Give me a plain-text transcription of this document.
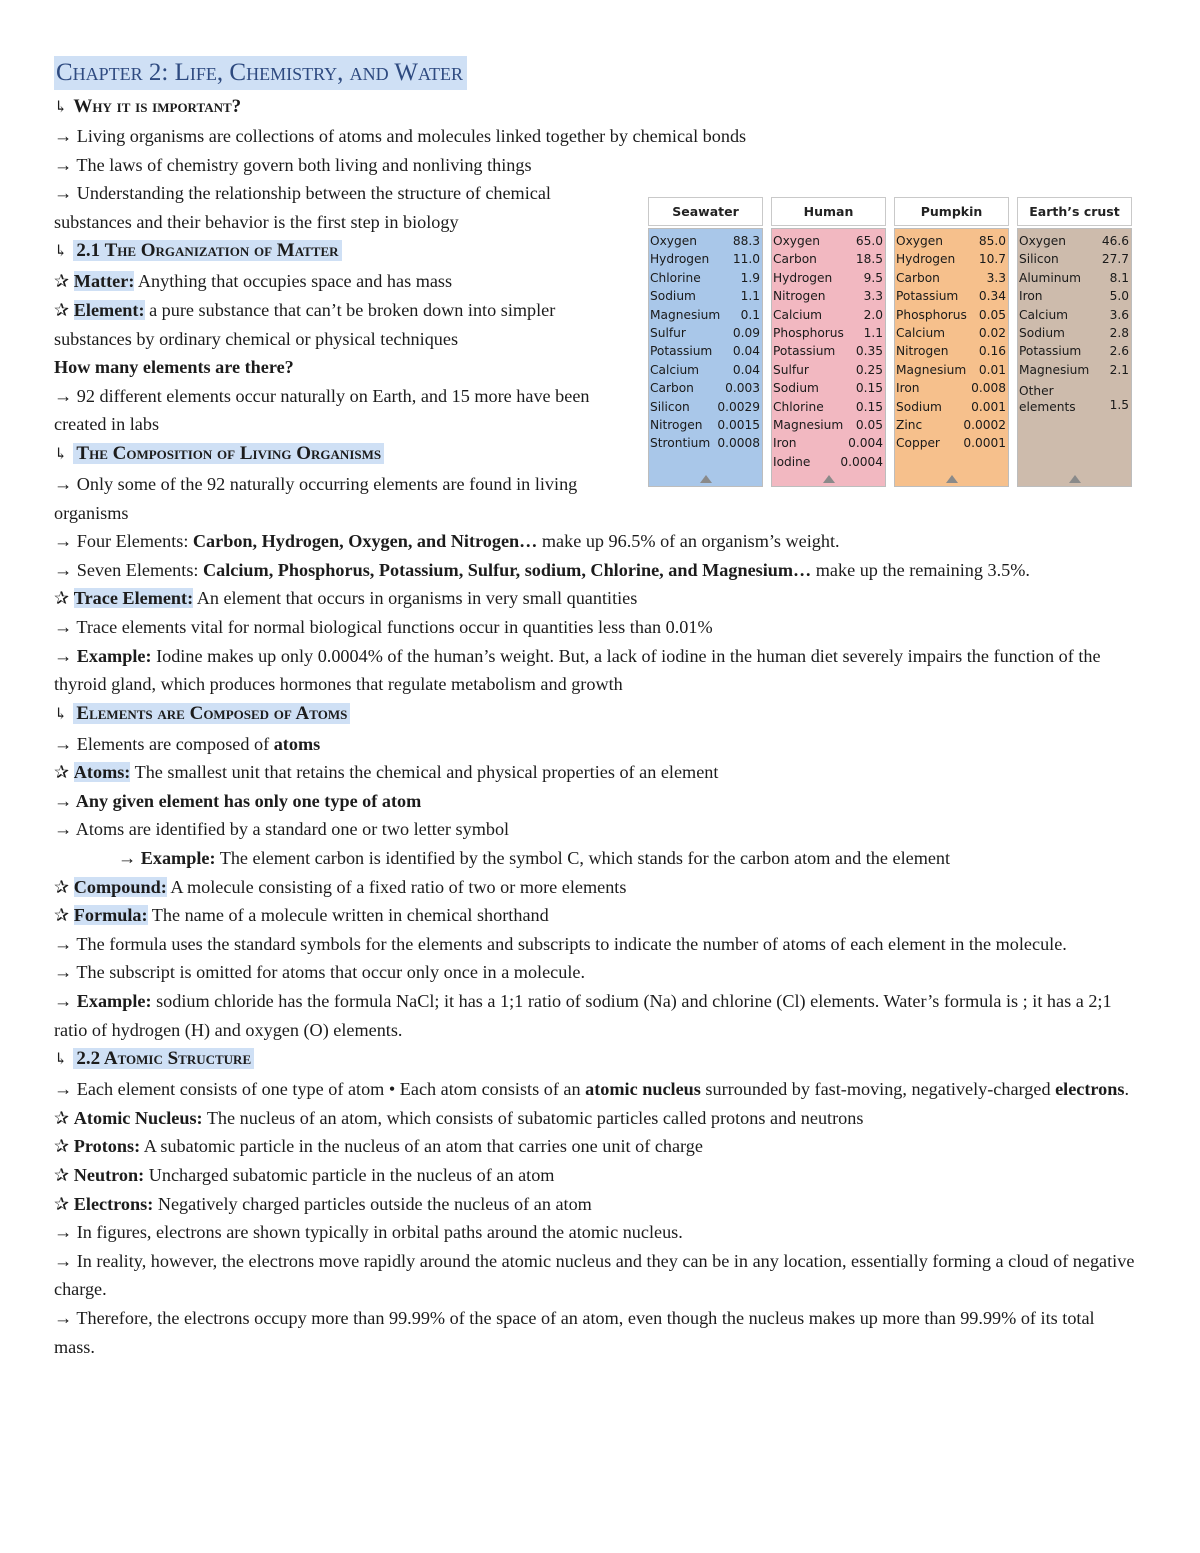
Chapter 2: Life, Chemistry, and Water
↳ Why it is important?
→ Living organisms are collections of atoms and molecules linked together by chemical bonds
→ The laws of chemistry govern both living and nonliving things
→ Understanding the relationship between the structure of chemical substances and their behavior is the first step in biology
↳ 2.1 The Organization of Matter
✰ Matter: Anything that occupies space and has mass
✰ Element: a pure substance that can’t be broken down into simpler substances by ordinary chemical or physical techniques
How many elements are there?
→ 92 different elements occur naturally on Earth, and 15 more have been created in labs
↳ The Composition of Living Organisms
→ Only some of the 92 naturally occurring elements are found in living organisms
→ Four Elements: Carbon, Hydrogen, Oxygen, and Nitrogen… make up 96.5% of an organism’s weight.
→ Seven Elements: Calcium, Phosphorus, Potassium, Sulfur, sodium, Chlorine, and Magnesium… make up the remaining 3.5%.
✰ Trace Element: An element that occurs in organisms in very small quantities
→ Trace elements vital for normal biological functions occur in quantities less than 0.01%
→ Example: Iodine makes up only 0.0004% of the human’s weight. But, a lack of iodine in the human diet severely impairs the function of the thyroid gland, which produces hormones that regulate metabolism and growth
↳ Elements are Composed of Atoms
→ Elements are composed of atoms
✰ Atoms: The smallest unit that retains the chemical and physical properties of an element
→ Any given element has only one type of atom
→ Atoms are identified by a standard one or two letter symbol
→ Example: The element carbon is identified by the symbol C, which stands for the carbon atom and the element
✰ Compound: A molecule consisting of a fixed ratio of two or more elements
✰ Formula: The name of a molecule written in chemical shorthand
→ The formula uses the standard symbols for the elements and subscripts to indicate the number of atoms of each element in the molecule.
→ The subscript is omitted for atoms that occur only once in a molecule.
→ Example: sodium chloride has the formula NaCl; it has a 1;1 ratio of sodium (Na) and chlorine (Cl) elements. Water’s formula is ; it has a 2;1 ratio of hydrogen (H) and oxygen (O) elements.
↳ 2.2 Atomic Structure
→ Each element consists of one type of atom • Each atom consists of an atomic nucleus surrounded by fast-moving, negatively-charged electrons.
✰ Atomic Nucleus: The nucleus of an atom, which consists of subatomic particles called protons and neutrons
✰ Protons: A subatomic particle in the nucleus of an atom that carries one unit of charge
✰ Neutron: Uncharged subatomic particle in the nucleus of an atom
✰ Electrons: Negatively charged particles outside the nucleus of an atom
→ In figures, electrons are shown typically in orbital paths around the atomic nucleus.
→ In reality, however, the electrons move rapidly around the atomic nucleus and they can be in any location, essentially forming a cloud of negative charge.
→ Therefore, the electrons occupy more than 99.99% of the space of an atom, even though the nucleus makes up more than 99.99% of its total mass.
Seawater
Oxygen	88.3
Hydrogen 11.0
Chlorine	1.9
Sodium	1.1
Magnesium 0.1
Sulfur	0.09
Potassium 0.04
Calcium	0.04
Carbon	0.003
Silicon 0.0029
Nitrogen 0.0015
Strontium 0.0008
Human
Oxygen	65.0
Carbon	18.5
Hydrogen	9.5
Nitrogen	3.3
Calcium	2.0
Phosphorus 1.1
Potassium 0.35
Sulfur	0.25
Sodium	0.15
Chlorine	0.15
Magnesium 0.05
Iron	0.004
Iodine 0.0004
Pumpkin
Oxygen	85.0
Hydrogen 10.7
Carbon	3.3
Potassium 0.34
Phosphorus 0.05
Calcium	0.02
Nitrogen 0.16
Magnesium 0.01
Iron	0.008
Sodium 0.001
Zinc	0.0002
Copper 0.0001
Earth’s crust
Oxygen	46.6
Silicon	27.7
Aluminum 8.1
Iron	5.0
Calcium	3.6
Sodium	2.8
Potassium 2.6
Magnesium 2.1
Other elements	1.5
